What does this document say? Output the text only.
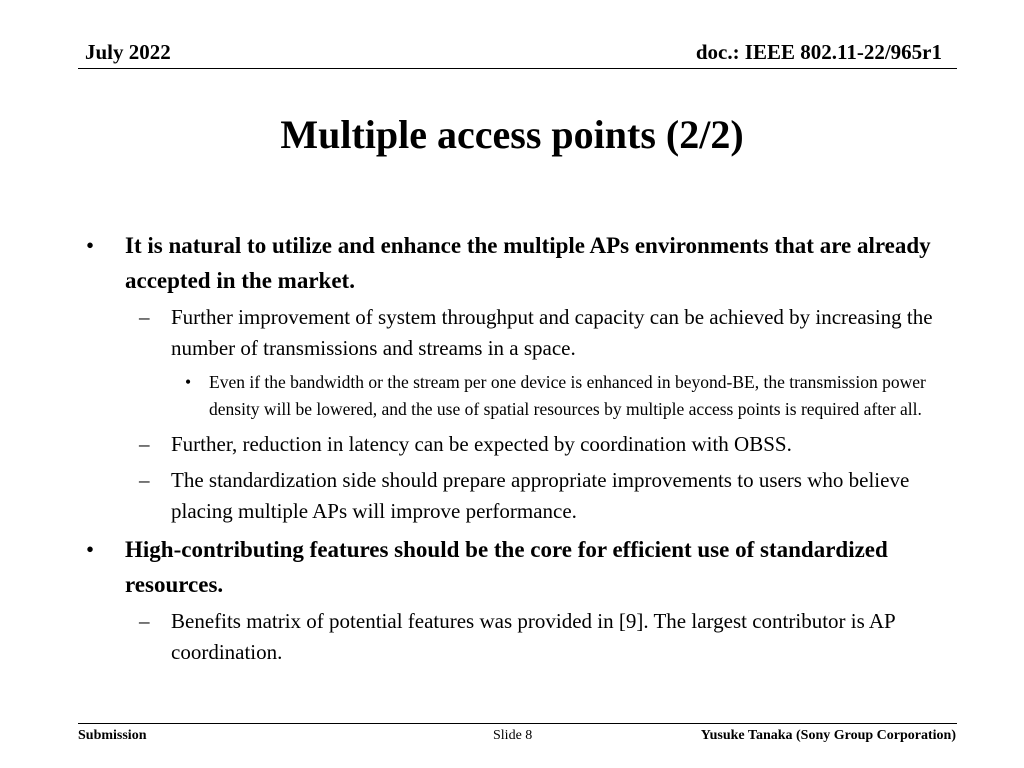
July 2022	doc.: IEEE 802.11-22/965r1
Multiple access points (2/2)
• It is natural to utilize and enhance the multiple APs environments that are already accepted in the market.
– Further improvement of system throughput and capacity can be achieved by increasing the number of transmissions and streams in a space.
• Even if the bandwidth or the stream per one device is enhanced in beyond-BE, the transmission power density will be lowered, and the use of spatial resources by multiple access points is required after all.
– Further, reduction in latency can be expected by coordination with OBSS.
– The standardization side should prepare appropriate improvements to users who believe placing multiple APs will improve performance.
• High-contributing features should be the core for efficient use of standardized resources.
– Benefits matrix of potential features was provided in [9]. The largest contributor is AP coordination.
Submission	Slide 8	Yusuke Tanaka (Sony Group Corporation)
